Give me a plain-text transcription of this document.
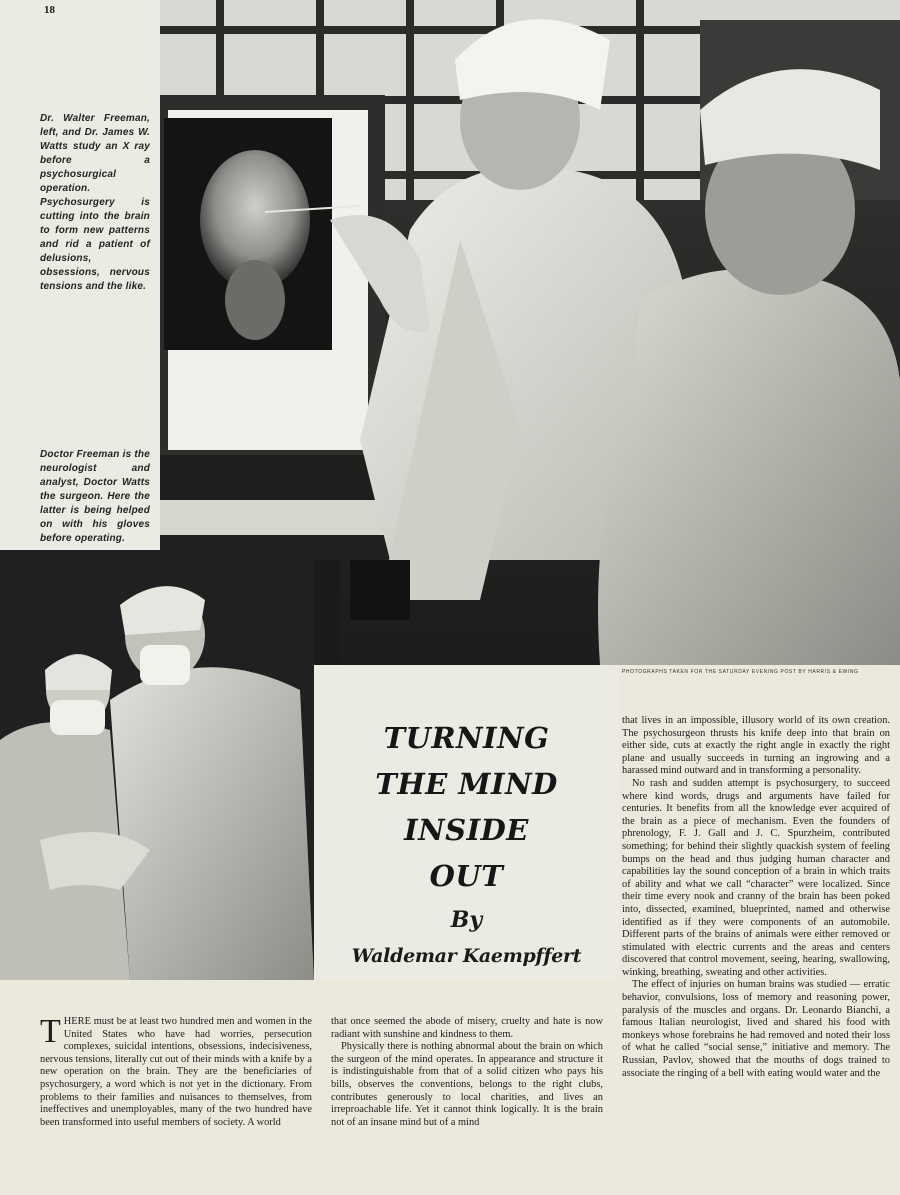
18
Dr. Walter Freeman, left, and Dr. James W. Watts study an X ray before a psychosurgical operation. Psychosurgery is cutting into the brain to form new patterns and rid a patient of delusions, obsessions, nervous tensions and the like.
Doctor Freeman is the neurologist and analyst, Doctor Watts the surgeon. Here the latter is being helped on with his gloves before operating.
TURNING
THE MIND
INSIDE
OUT
By
Waldemar Kaempffert
PHOTOGRAPHS TAKEN FOR THE SATURDAY EVENING POST BY HARRIS & EWING

that lives in an impossible, illusory world of its own creation. The psychosurgeon thrusts his knife deep into that brain on either side, cuts at exactly the right angle in exactly the right plane and usually succeeds in turning an ingrowing and a harassed mind outward and in transforming a personality.

No rash and sudden attempt is psychosurgery, to succeed where kind words, drugs and arguments have failed for centuries. It benefits from all the knowledge ever acquired of the brain as a piece of mechanism. Even the founders of phrenology, F. J. Gall and J. C. Spurzheim, contributed something; for behind their slightly quackish system of feeling bumps on the head and thus judging human character and capabilities lay the sound conception of a brain in which traits of ability and what we call “character” were localized. Since their time every nook and cranny of the brain has been poked into, dissected, examined, blueprinted, named and otherwise identified as if they were components of an automobile. Different parts of the brains of animals were either removed or stimulated with electric currents and the areas and centers discovered that control movement, seeing, hearing, swallowing, winking, breathing, sweating and other activities.

The effect of injuries on human brains was studied — erratic behavior, convulsions, loss of memory and reasoning power, paralysis of the muscles and organs. Dr. Leonardo Bianchi, a famous Italian neurologist, lived and shared his food with monkeys whose forebrains he had removed and noted their loss of what he called “social sense,” initiative and memory. The Russian, Pavlov, showed that the mouths of dogs trained to associate the ringing of a bell with eating would water and the

THERE must be at least two hundred men and women in the United States who have had worries, persecution complexes, suicidal intentions, obsessions, indecisiveness, nervous tensions, literally cut out of their minds with a knife by a new operation on the brain. They are the beneficiaries of psychosurgery, a word which is not yet in the dictionary. From problems to their families and nuisances to themselves, from ineffectives and unemployables, many of the two hundred have been transformed into useful members of society. A world

that once seemed the abode of misery, cruelty and hate is now radiant with sunshine and kindness to them.

Physically there is nothing abnormal about the brain on which the surgeon of the mind operates. In appearance and structure it is indistinguishable from that of a solid citizen who pays his bills, observes the conventions, belongs to the right clubs, contributes generously to local charities, and lives an irreproachable life. Yet it cannot think logically. It is the brain not of an insane mind but of a mind
